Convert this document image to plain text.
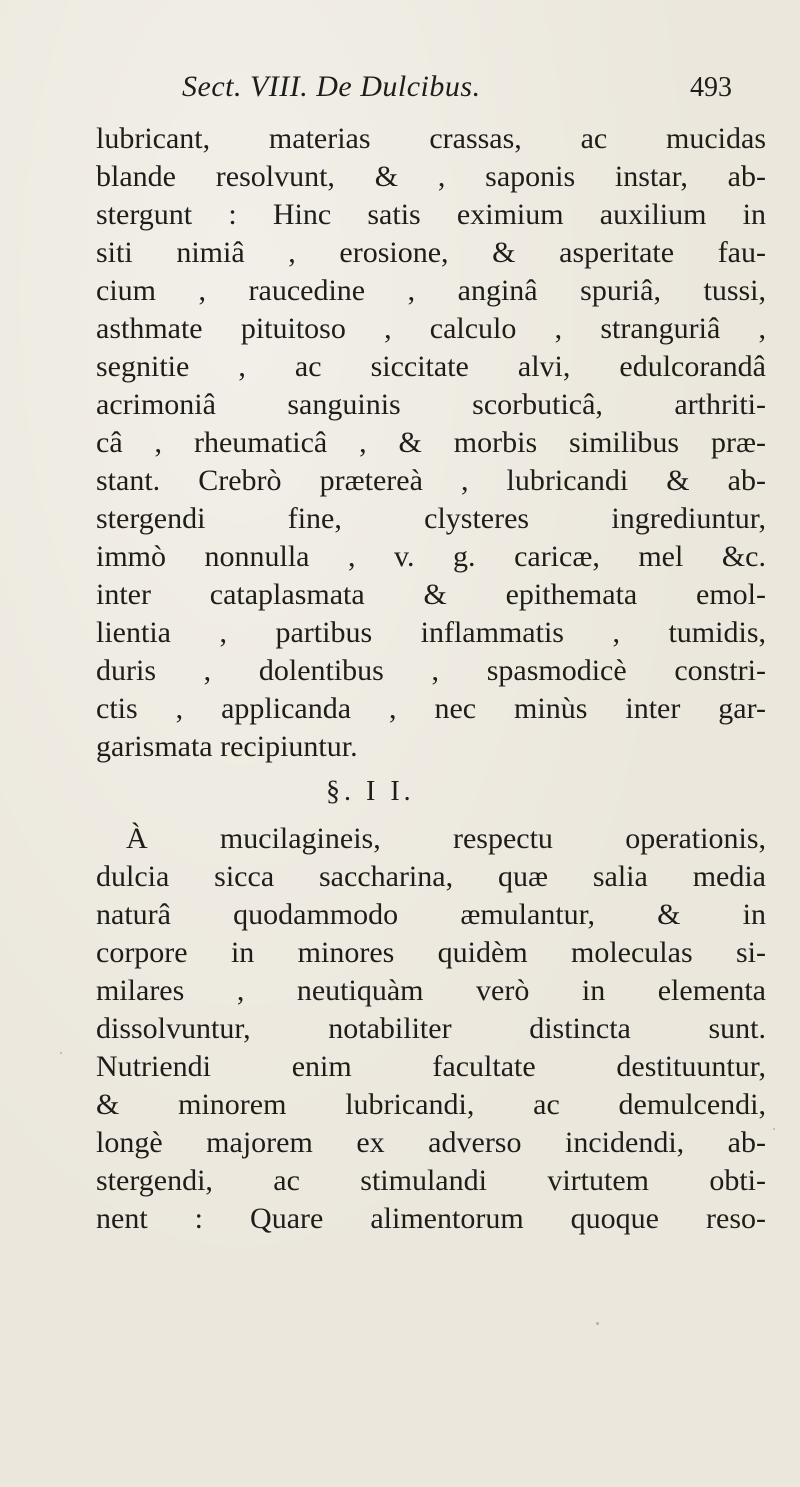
Sect. VIII. De Dulcibus.	493
lubricant, materias crassas, ac mucidas
blande resolvunt, & , saponis instar, ab-
stergunt : Hinc satis eximium auxilium in
siti nimiâ , erosione, & asperitate fau-
cium , raucedine , anginâ spuriâ, tussi,
asthmate pituitoso , calculo , stranguriâ ,
segnitie , ac siccitate alvi, edulcorandâ
acrimoniâ sanguinis scorbuticâ, arthriti-
câ , rheumaticâ , & morbis similibus præ-
stant. Crebrò prætereà , lubricandi & ab-
stergendi fine, clysteres ingrediuntur,
immò nonnulla , v. g. caricæ, mel &c.
inter cataplasmata & epithemata emol-
lientia , partibus inflammatis , tumidis,
duris , dolentibus , spasmodicè constri-
ctis , applicanda , nec minùs inter gar-
garismata recipiuntur.
§. I I.
À mucilagineis, respectu operationis,
dulcia sicca saccharina, quæ salia media
naturâ quodammodo æmulantur, & in
corpore in minores quidèm moleculas si-
milares , neutiquàm verò in elementa
dissolvuntur, notabiliter distincta sunt.
Nutriendi enim facultate destituuntur,
& minorem lubricandi, ac demulcendi,
longè majorem ex adverso incidendi, ab-
stergendi, ac stimulandi virtutem obti-
nent : Quare alimentorum quoque reso-
